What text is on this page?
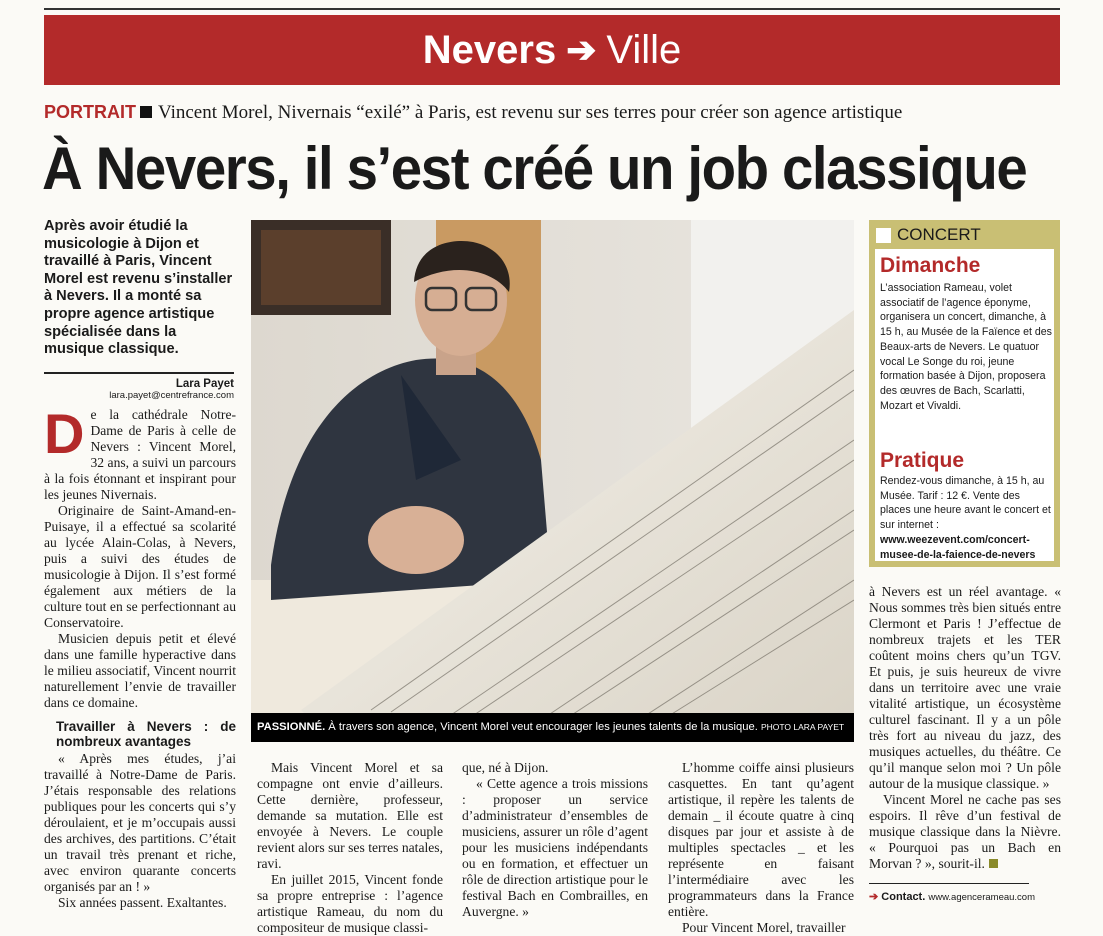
Nevers ➔ Ville
PORTRAIT Vincent Morel, Nivernais “exilé” à Paris, est revenu sur ses terres pour créer son agence artistique
À Nevers, il s’est créé un job classique
Après avoir étudié la musicologie à Dijon et travaillé à Paris, Vincent Morel est revenu s’installer à Nevers. Il a monté sa propre agence artistique spécialisée dans la musique classique.
Lara Payet
lara.payet@centrefrance.com

De la cathédrale Notre-Dame de Paris à celle de Nevers : Vincent Morel, 32 ans, a suivi un parcours à la fois étonnant et inspirant pour les jeunes Nivernais.

Originaire de Saint-Amand-en-Puisaye, il a effectué sa scolarité au lycée Alain-Colas, à Nevers, puis a suivi des études de musicologie à Dijon. Il s’est formé également aux métiers de la culture tout en se perfectionnant au Conservatoire.

Musicien depuis petit et élevé dans une famille hyperactive dans le milieu associatif, Vincent nourrit naturellement l’envie de travailler dans ce domaine.

Travailler à Nevers : de nombreux avantages

« Après mes études, j’ai travaillé à Notre-Dame de Paris. J’étais responsable des relations publiques pour les concerts qui s’y déroulaient, et je m’occupais aussi des archives, des partitions. C’était un travail très prenant et riche, avec environ quarante concerts organisés par an ! »

Six années passent. Exaltantes.

PASSIONNÉ. À travers son agence, Vincent Morel veut encourager les jeunes talents de la musique. PHOTO LARA PAYET

Mais Vincent Morel et sa compagne ont envie d’ailleurs. Cette dernière, professeur, demande sa mutation. Elle est envoyée à Nevers. Le couple revient alors sur ses terres natales, ravi.

En juillet 2015, Vincent fonde sa propre entreprise : l’agence artistique Rameau, du nom du compositeur de musique classi-

que, né à Dijon.

« Cette agence a trois missions : proposer un service d’administrateur d’ensembles de musiciens, assurer un rôle d’agent pour les musiciens indépendants ou en formation, et effectuer un rôle de direction artistique pour le festival Bach en Combrailles, en Auvergne. »

L’homme coiffe ainsi plusieurs casquettes. En tant qu’agent artistique, il repère les talents de demain _ il écoute quatre à cinq disques par jour et assiste à de multiples spectacles _ et les représente en faisant l’intermédiaire avec les programmateurs dans la France entière.

Pour Vincent Morel, travailler

à Nevers est un réel avantage. « Nous sommes très bien situés entre Clermont et Paris ! J’effectue de nombreux trajets et les TER coûtent moins chers qu’un TGV. Et puis, je suis heureux de vivre dans un territoire avec une vraie vitalité artistique, un écosystème culturel fascinant. Il y a un pôle très fort au niveau du jazz, des musiques actuelles, du théâtre. Ce qu’il manque selon moi ? Un pôle autour de la musique classique. »

Vincent Morel ne cache pas ses espoirs. Il rêve d’un festival de musique classique dans la Nièvre. « Pourquoi pas un Bach en Morvan ? », sourit-il.

➔ Contact. www.agencerameau.com
CONCERT
Dimanche
L’association Rameau, volet associatif de l’agence éponyme, organisera un concert, dimanche, à 15 h, au Musée de la Faïence et des Beaux-arts de Nevers. Le quatuor vocal Le Songe du roi, jeune formation basée à Dijon, proposera des œuvres de Bach, Scarlatti, Mozart et Vivaldi.
Pratique
Rendez-vous dimanche, à 15 h, au Musée. Tarif : 12 €. Vente des places une heure avant le concert et sur internet : www.weezevent.com/concert-musee-de-la-faience-de-nevers
